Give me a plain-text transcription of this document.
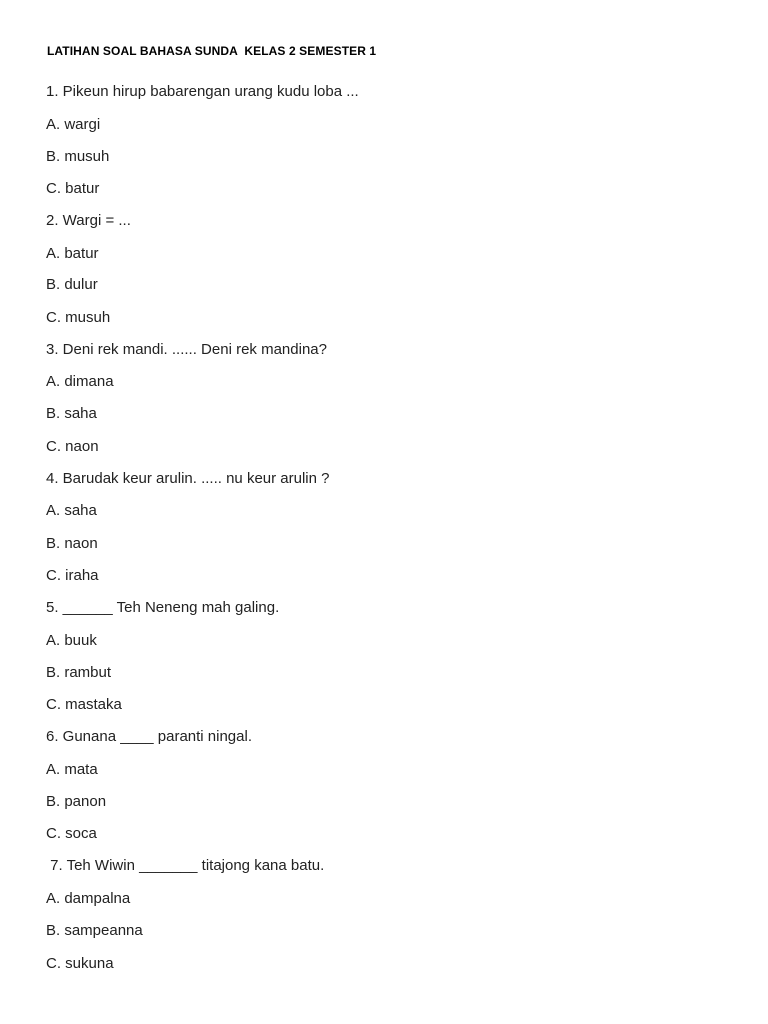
LATIHAN SOAL BAHASA SUNDA  KELAS 2 SEMESTER 1
1. Pikeun hirup babarengan urang kudu loba ...
A. wargi
B. musuh
C. batur
2. Wargi = ...
A. batur
B. dulur
C. musuh
3. Deni rek mandi. ...... Deni rek mandina?
A. dimana
B. saha
C. naon
4. Barudak keur arulin. ..... nu keur arulin ?
A. saha
B. naon
C. iraha
5. ______ Teh Neneng mah galing.
A. buuk
B. rambut
C. mastaka
6. Gunana ____ paranti ningal.
A. mata
B. panon
C. soca
7. Teh Wiwin _______ titajong kana batu.
A. dampalna
B. sampeanna
C. sukuna
